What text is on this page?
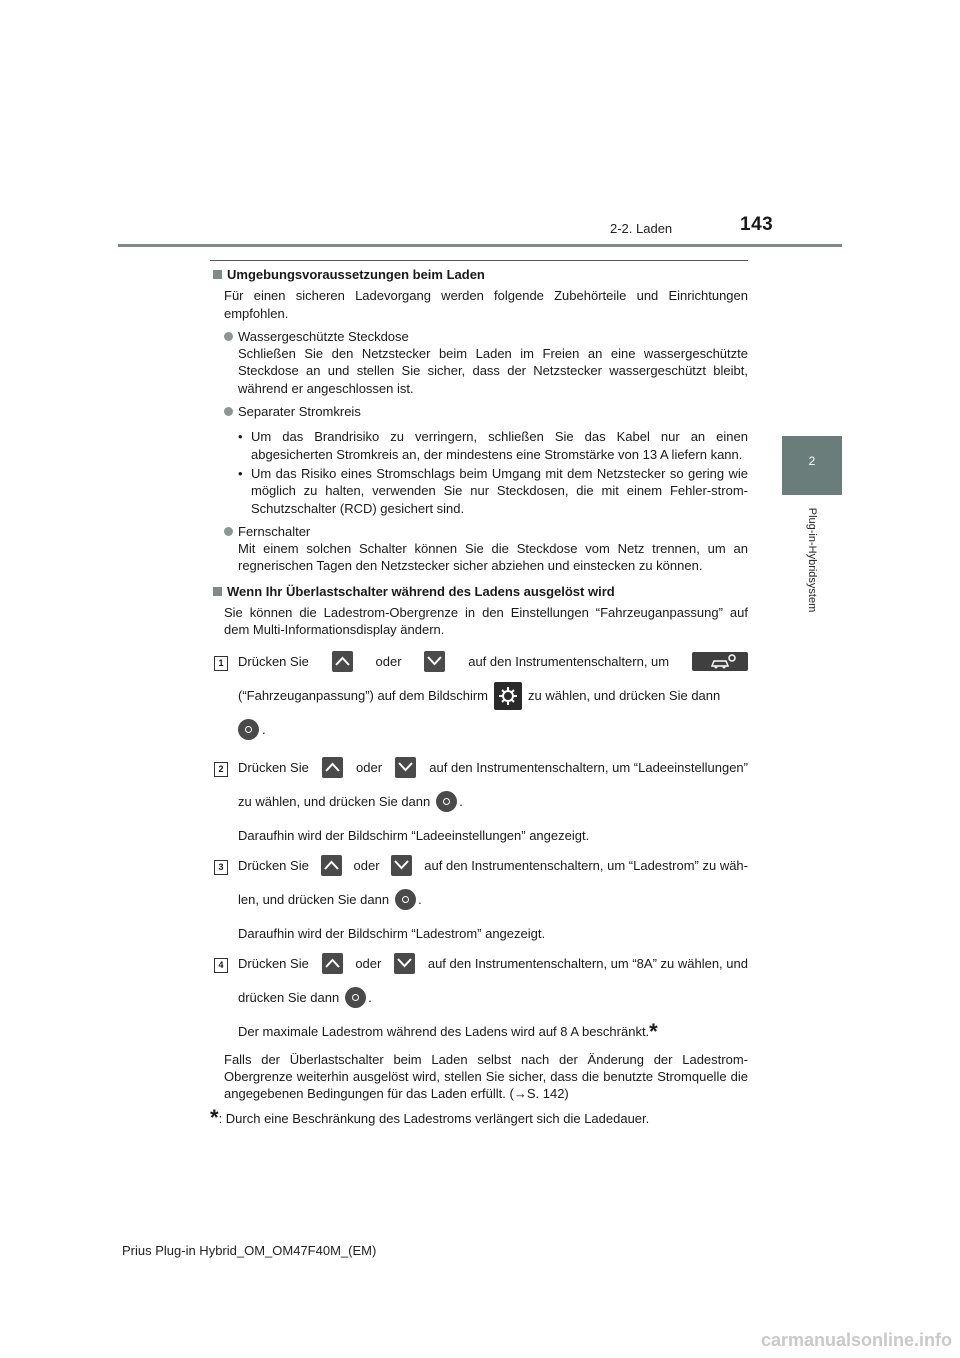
2-2. Laden	143
2
Plug-in-Hybridsystem

Umgebungsvoraussetzungen beim Laden

Für einen sicheren Ladevorgang werden folgende Zubehörteile und Einrichtungen empfohlen.

Wassergeschützte Steckdose

Schließen Sie den Netzstecker beim Laden im Freien an eine wassergeschützte Steckdose an und stellen Sie sicher, dass der Netzstecker wassergeschützt bleibt, während er angeschlossen ist.

Separater Stromkreis

• Um das Brandrisiko zu verringern, schließen Sie das Kabel nur an einen abgesicherten Stromkreis an, der mindestens eine Stromstärke von 13 A liefern kann.
• Um das Risiko eines Stromschlags beim Umgang mit dem Netzstecker so gering wie möglich zu halten, verwenden Sie nur Steckdosen, die mit einem Fehler-strom-Schutzschalter (RCD) gesichert sind.

Fernschalter

Mit einem solchen Schalter können Sie die Steckdose vom Netz trennen, um an regnerischen Tagen den Netzstecker sicher abziehen und einstecken zu können.

Wenn Ihr Überlastschalter während des Ladens ausgelöst wird

Sie können die Ladestrom-Obergrenze in den Einstellungen “Fahrzeuganpassung” auf dem Multi-Informationsdisplay ändern.

1	Drücken Sie	oder	auf den Instrumentenschaltern, um
(“Fahrzeuganpassung”) auf dem Bildschirm	zu wählen, und drücken Sie dann
.
2	Drücken Sie	oder	auf den Instrumentenschaltern, um “Ladeeinstellungen”
zu wählen, und drücken Sie dann .
Daraufhin wird der Bildschirm “Ladeeinstellungen” angezeigt.
3	Drücken Sie	oder	auf den Instrumentenschaltern, um “Ladestrom” zu wäh-
len, und drücken Sie dann .
Daraufhin wird der Bildschirm “Ladestrom” angezeigt.
4	Drücken Sie	oder	auf den Instrumentenschaltern, um “8A” zu wählen, und
drücken Sie dann .
Der maximale Ladestrom während des Ladens wird auf 8 A beschränkt. *

Falls der Überlastschalter beim Laden selbst nach der Änderung der Ladestrom-Obergrenze weiterhin ausgelöst wird, stellen Sie sicher, dass die benutzte Stromquelle die angegebenen Bedingungen für das Laden erfüllt. (→S. 142)

*: Durch eine Beschränkung des Ladestroms verlängert sich die Ladedauer.

Prius Plug-in Hybrid_OM_OM47F40M_(EM)
carmanualsonline.info
